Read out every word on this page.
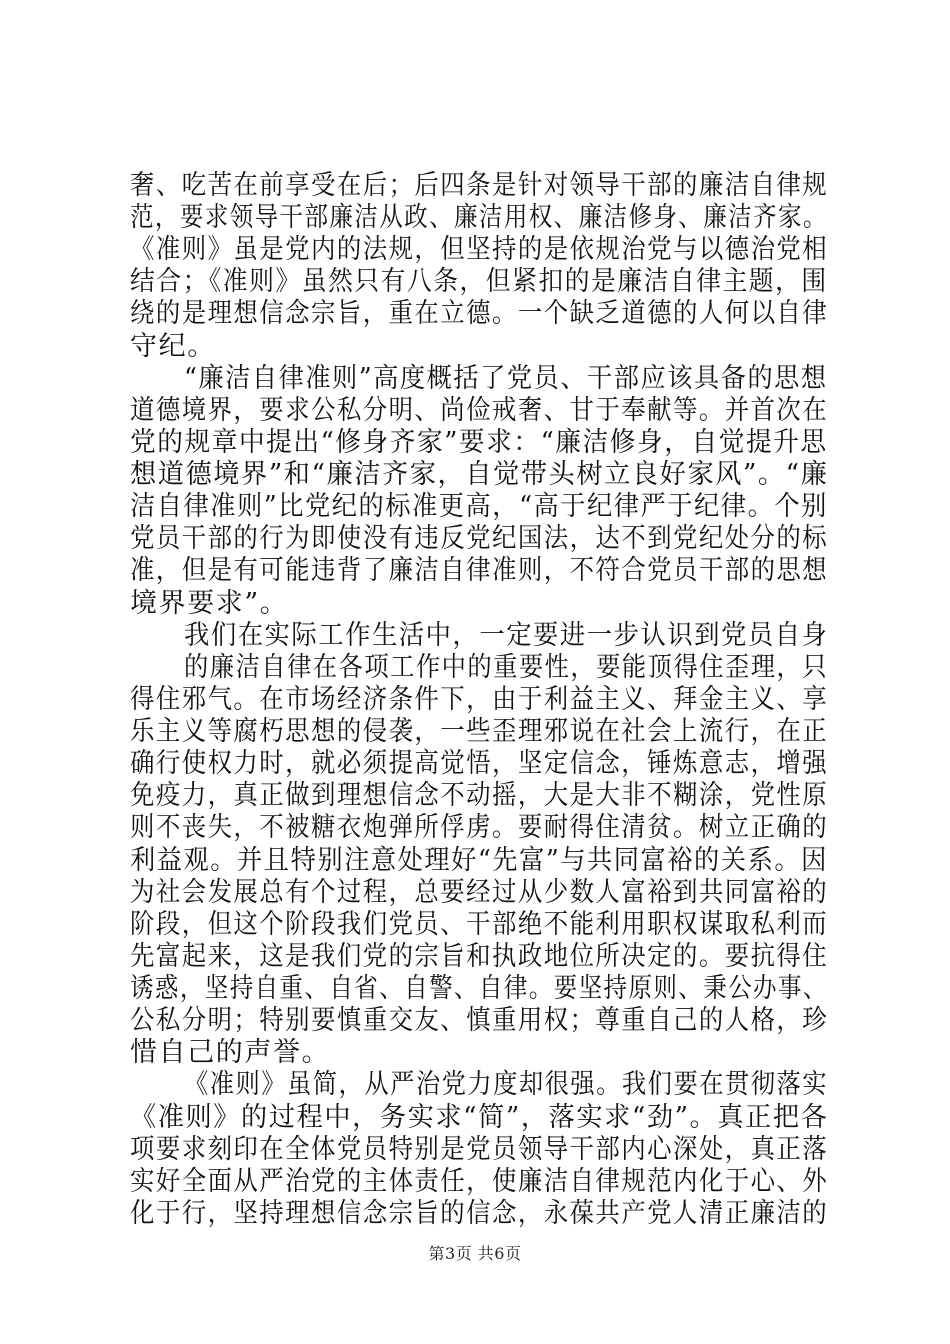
奢、吃苦在前享受在后；后四条是针对领导干部的廉洁自律规
范，要求领导干部廉洁从政、廉洁用权、廉洁修身、廉洁齐家。
《准则》虽是党内的法规，但坚持的是依规治党与以德治党相
结合；《准则》虽然只有八条，但紧扣的是廉洁自律主题，围
绕的是理想信念宗旨，重在立德。一个缺乏道德的人何以自律
守纪。
“廉洁自律准则”高度概括了党员、干部应该具备的思想
道德境界，要求公私分明、尚俭戒奢、甘于奉献等。并首次在
党的规章中提出“修身齐家”要求：“廉洁修身，自觉提升思
想道德境界”和“廉洁齐家，自觉带头树立良好家风”。“廉
洁自律准则”比党纪的标准更高，“高于纪律严于纪律。个别
党员干部的行为即使没有违反党纪国法，达不到党纪处分的标
准，但是有可能违背了廉洁自律准则，不符合党员干部的思想
境界要求”。
我们在实际工作生活中，一定要进一步认识到党员自身
的廉洁自律在各项工作中的重要性，要能顶得住歪理，只
得住邪气。在市场经济条件下，由于利益主义、拜金主义、享
乐主义等腐朽思想的侵袭，一些歪理邪说在社会上流行，在正
确行使权力时，就必须提高觉悟，坚定信念，锤炼意志，增强
免疫力，真正做到理想信念不动摇，大是大非不糊涂，党性原
则不丧失，不被糖衣炮弹所俘虏。要耐得住清贫。树立正确的
利益观。并且特别注意处理好“先富”与共同富裕的关系。因
为社会发展总有个过程，总要经过从少数人富裕到共同富裕的
阶段，但这个阶段我们党员、干部绝不能利用职权谋取私利而
先富起来，这是我们党的宗旨和执政地位所决定的。要抗得住
诱惑，坚持自重、自省、自警、自律。要坚持原则、秉公办事、
公私分明；特别要慎重交友、慎重用权；尊重自己的人格，珍
惜自己的声誉。
《准则》虽简，从严治党力度却很强。我们要在贯彻落实
《准则》的过程中，务实求“简”，落实求“劲”。真正把各
项要求刻印在全体党员特别是党员领导干部内心深处，真正落
实好全面从严治党的主体责任，使廉洁自律规范内化于心、外
化于行，坚持理想信念宗旨的信念，永葆共产党人清正廉洁的
第3页 共6页
